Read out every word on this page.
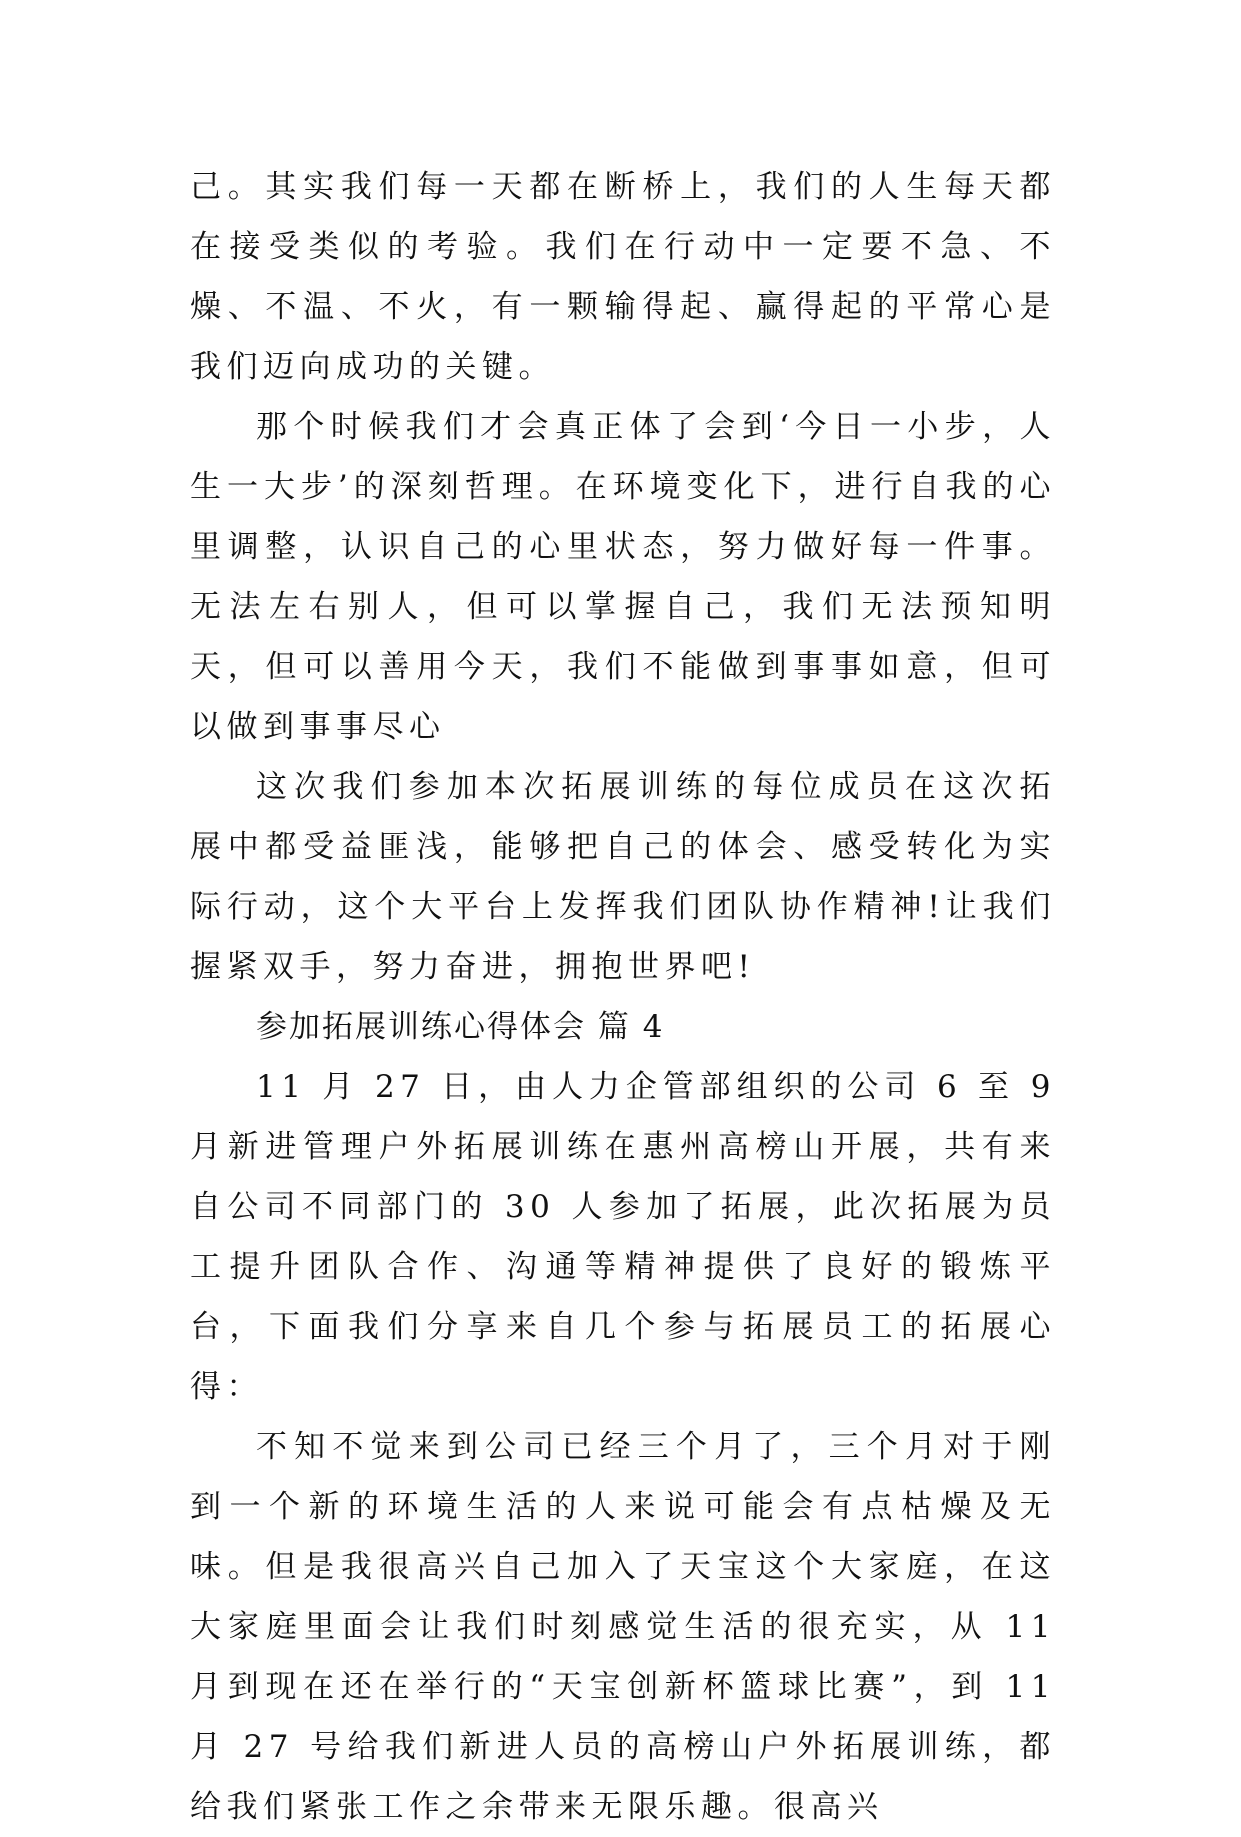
己。其实我们每一天都在断桥上，我们的人生每天都在接受类似的考验。我们在行动中一定要不急、不燥、不温、不火，有一颗输得起、赢得起的平常心是我们迈向成功的关键。

那个时候我们才会真正体了会到‘今日一小步，人生一大步’的深刻哲理。在环境变化下，进行自我的心里调整，认识自己的心里状态，努力做好每一件事。无法左右别人，但可以掌握自己，我们无法预知明天，但可以善用今天，我们不能做到事事如意，但可以做到事事尽心

这次我们参加本次拓展训练的每位成员在这次拓展中都受益匪浅，能够把自己的体会、感受转化为实际行动，这个大平台上发挥我们团队协作精神!让我们握紧双手，努力奋进，拥抱世界吧!

参加拓展训练心得体会 篇 4

11 月 27 日，由人力企管部组织的公司 6 至 9 月新进管理户外拓展训练在惠州高榜山开展，共有来自公司不同部门的 30 人参加了拓展，此次拓展为员工提升团队合作、沟通等精神提供了良好的锻炼平台，下面我们分享来自几个参与拓展员工的拓展心得：

不知不觉来到公司已经三个月了，三个月对于刚到一个新的环境生活的人来说可能会有点枯燥及无味。但是我很高兴自己加入了天宝这个大家庭，在这大家庭里面会让我们时刻感觉生活的很充实，从 11 月到现在还在举行的“天宝创新杯篮球比赛”，到 11 月 27 号给我们新进人员的高榜山户外拓展训练，都给我们紧张工作之余带来无限乐趣。很高兴
